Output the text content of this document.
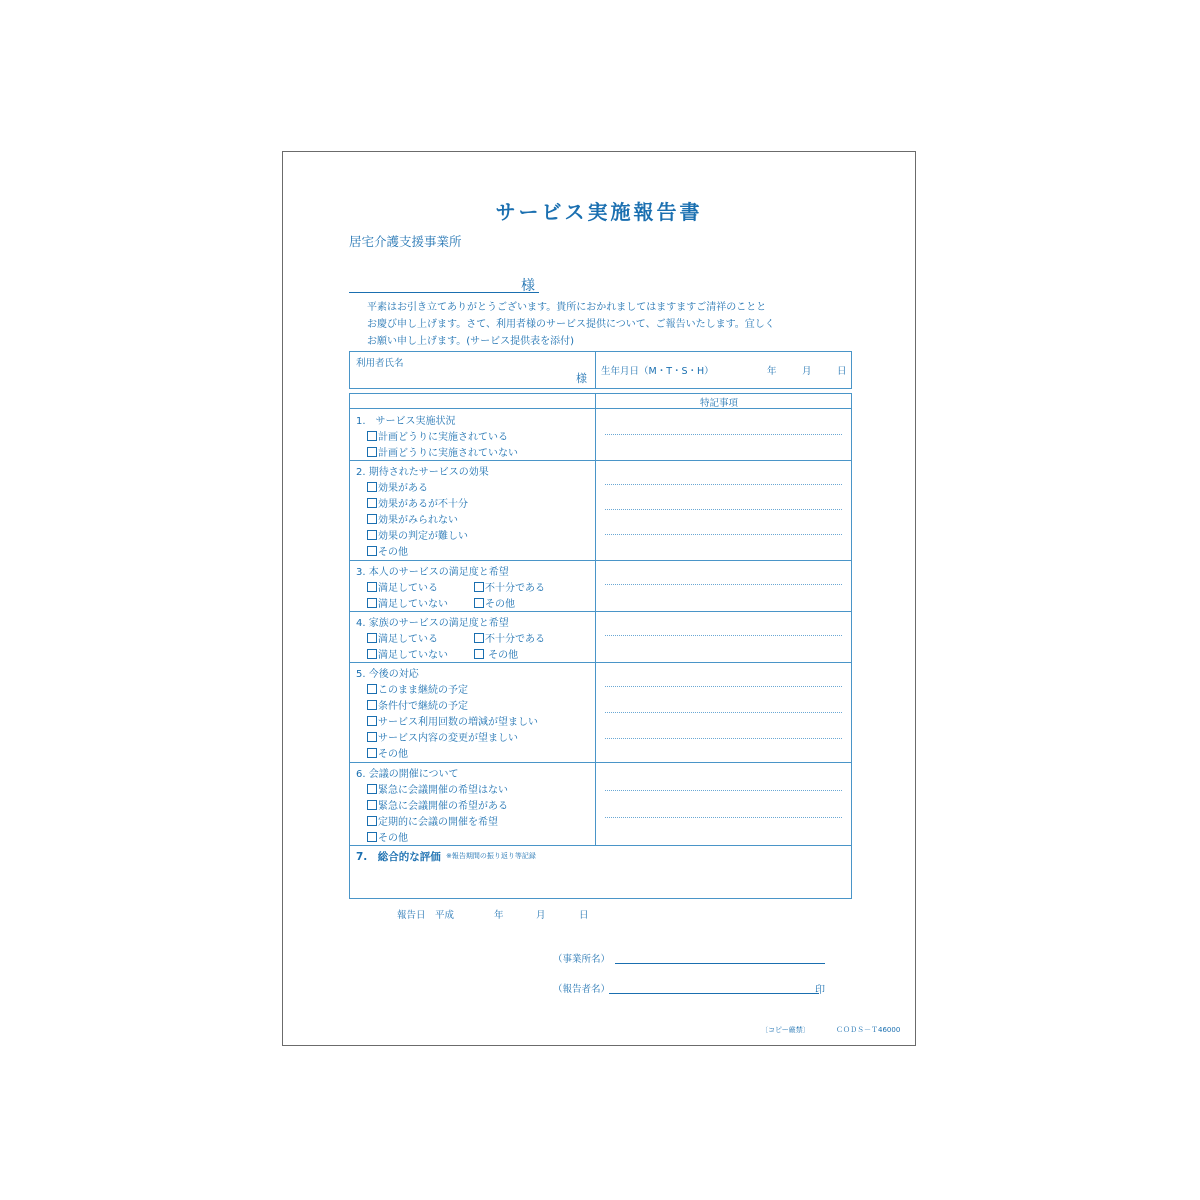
サービス実施報告書
居宅介護支援事業所
様
平素はお引き立てありがとうございます。貴所におかれましてはますますご清祥のことと
お慶び申し上げます。さて、利用者様のサービス提供について、ご報告いたします。宜しく
お願い申し上げます。(サービス提供表を添付)
利用者氏名
様
生年月日（M・T・S・H）	年	月	日
特記事項
1.　サービス実施状況
計画どうりに実施されている
計画どうりに実施されていない
2. 期待されたサービスの効果
効果がある
効果があるが不十分
効果がみられない
効果の判定が難しい
その他
3. 本人のサービスの満足度と希望
満足している	不十分である
満足していない	その他
4. 家族のサービスの満足度と希望
満足している	不十分である
満足していない	その他
5. 今後の対応
このまま継続の予定
条件付で継続の予定
サービス利用回数の増減が望ましい
サービス内容の変更が望ましい
その他
6. 会議の開催について
緊急に会議開催の希望はない
緊急に会議開催の希望がある
定期的に会議の開催を希望
その他
7.　総合的な評価 ※報告期間の振り返り等記録
報告日　平成	年	月	日
（事業所名）
（報告者名）	印
〔コピー厳禁〕	ＣＯＤＳ－Ｔ46000
